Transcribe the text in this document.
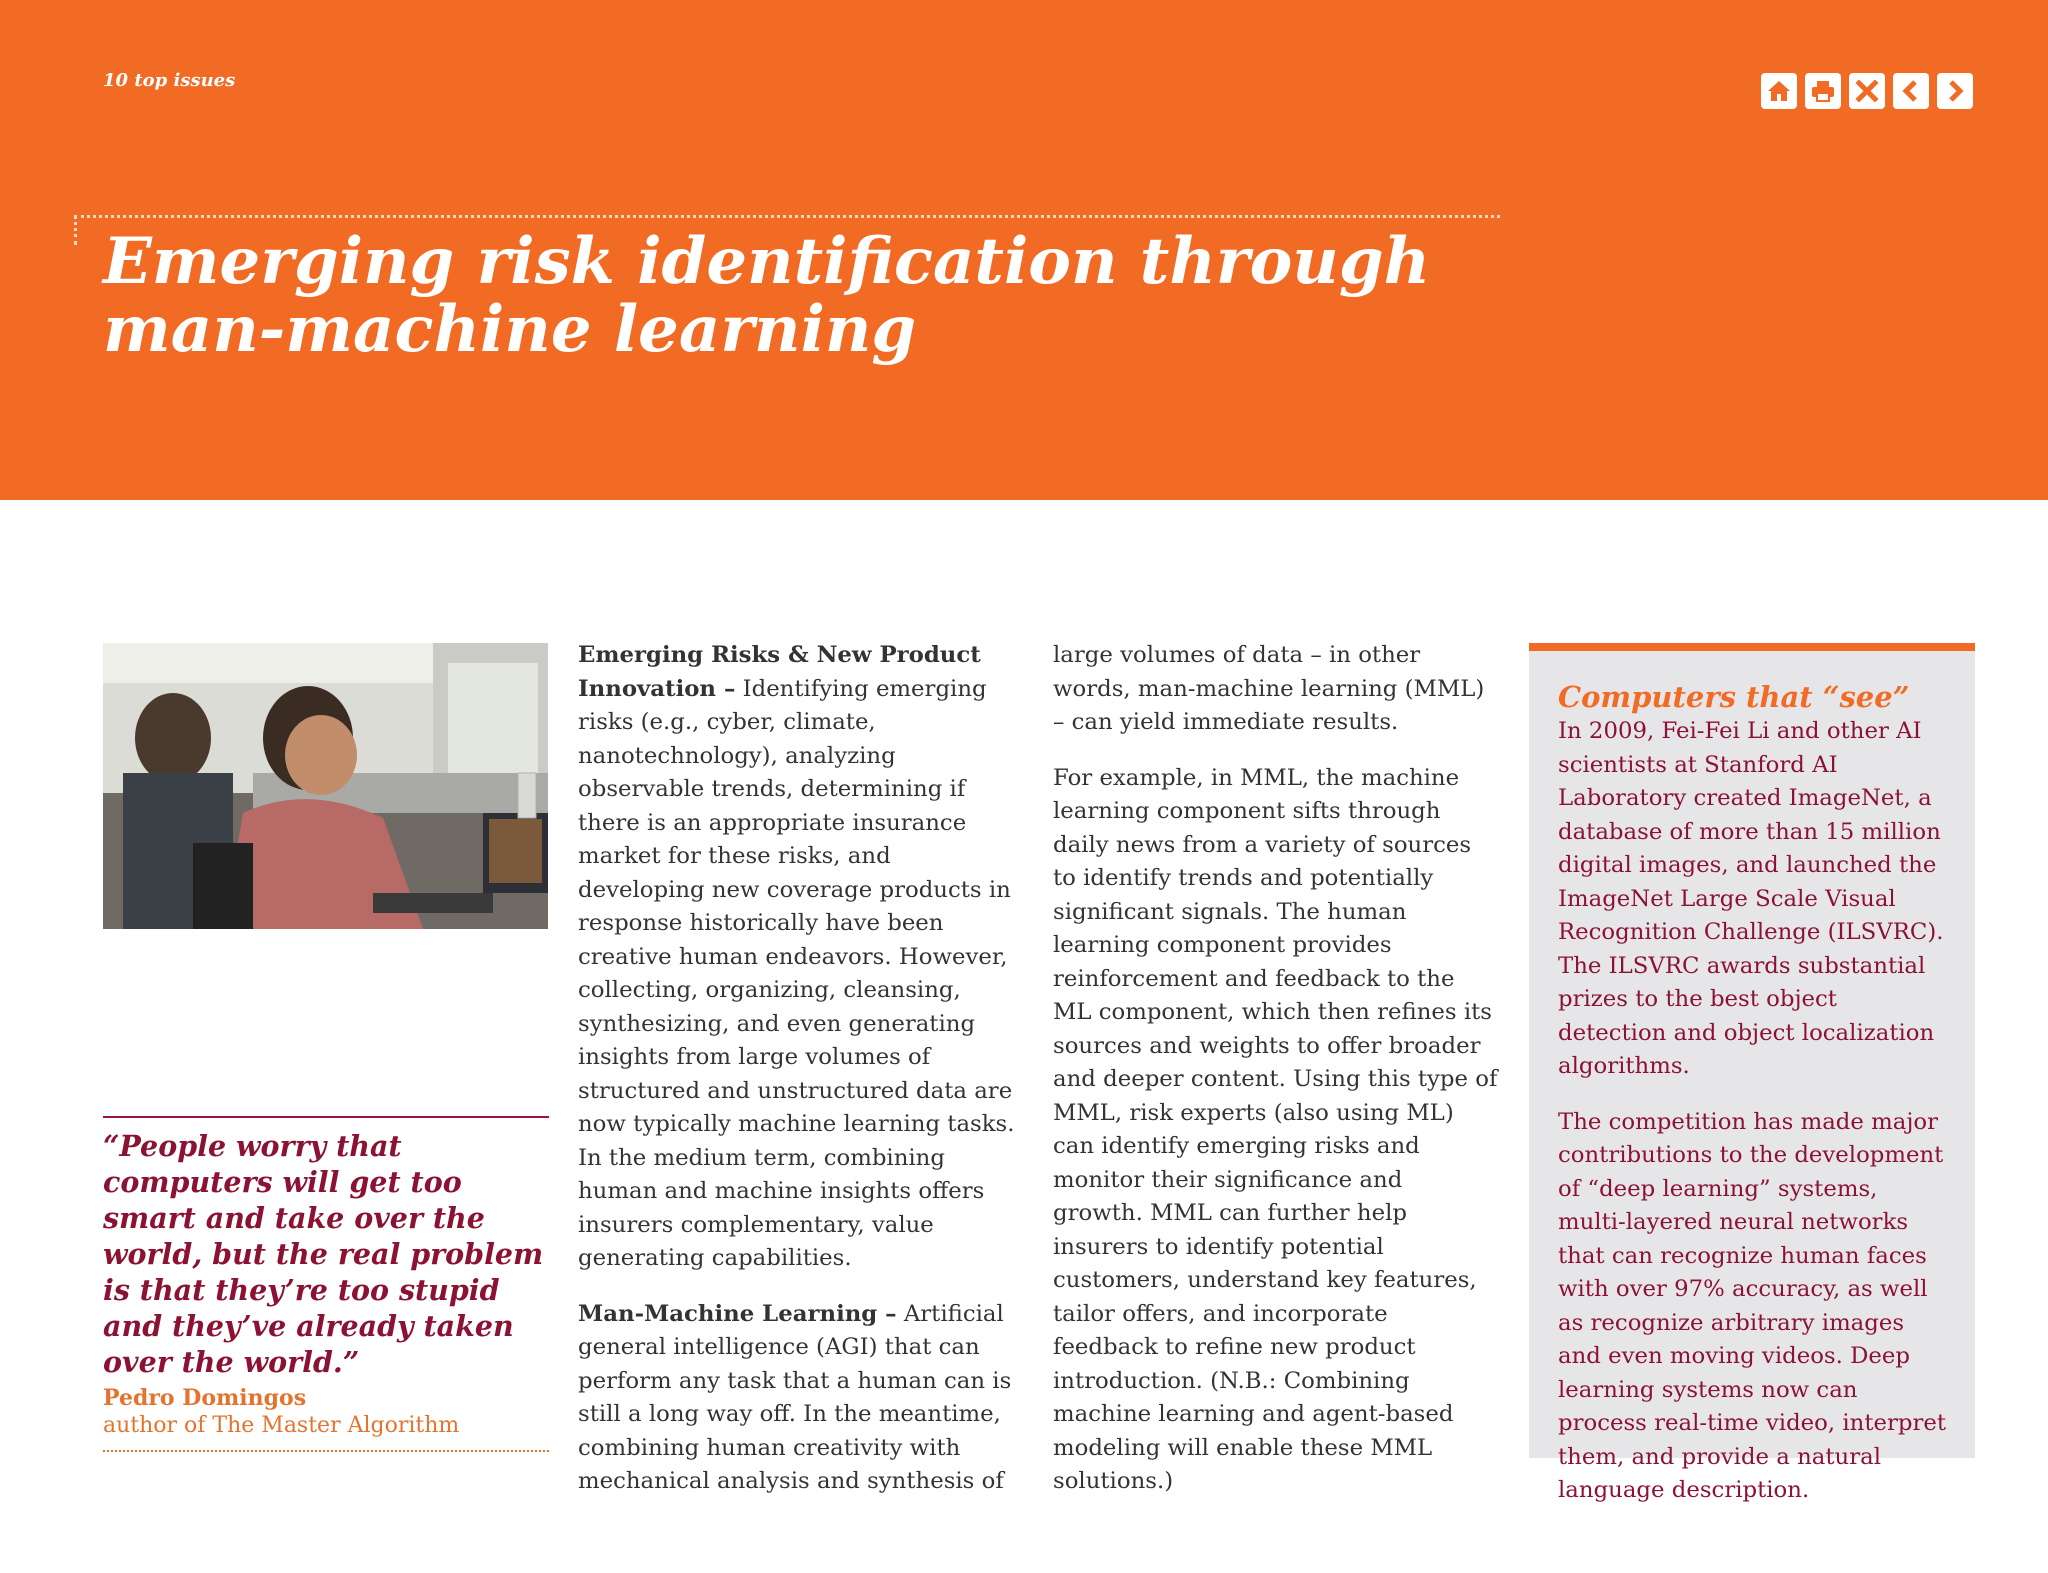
10 top issues
Emerging risk identification through
man-machine learning
“People worry that computers will get too smart and take over the world, but the real problem is that they’re too stupid and they’ve already taken over the world.”
Pedro Domingos
author of The Master Algorithm

Emerging Risks & New Product Innovation – Identifying emerging risks (e.g., cyber, climate, nanotechnology), analyzing observable trends, determining if there is an appropriate insurance market for these risks, and developing new coverage products in response historically have been creative human endeavors. However, collecting, organizing, cleansing, synthesizing, and even generating insights from large volumes of structured and unstructured data are now typically machine learning tasks. In the medium term, combining human and machine insights offers insurers complementary, value generating capabilities.

Man-Machine Learning – Artificial general intelligence (AGI) that can perform any task that a human can is still a long way off. In the meantime, combining human creativity with mechanical analysis and synthesis of

large volumes of data – in other words, man-machine learning (MML) – can yield immediate results.

For example, in MML, the machine learning component sifts through daily news from a variety of sources to identify trends and potentially significant signals. The human learning component provides reinforcement and feedback to the ML component, which then refines its sources and weights to offer broader and deeper content. Using this type of MML, risk experts (also using ML) can identify emerging risks and monitor their significance and growth. MML can further help insurers to identify potential customers, understand key features, tailor offers, and incorporate feedback to refine new product introduction. (N.B.: Combining machine learning and agent-based modeling will enable these MML solutions.)

Computers that “see”

In 2009, Fei-Fei Li and other AI scientists at Stanford AI Laboratory created ImageNet, a database of more than 15 million digital images, and launched the ImageNet Large Scale Visual Recognition Challenge (ILSVRC). The ILSVRC awards substantial prizes to the best object detection and object localization algorithms.

The competition has made major contributions to the development of “deep learning” systems, multi-layered neural networks that can recognize human faces with over 97% accuracy, as well as recognize arbitrary images and even moving videos. Deep learning systems now can process real-time video, interpret them, and provide a natural language description.
